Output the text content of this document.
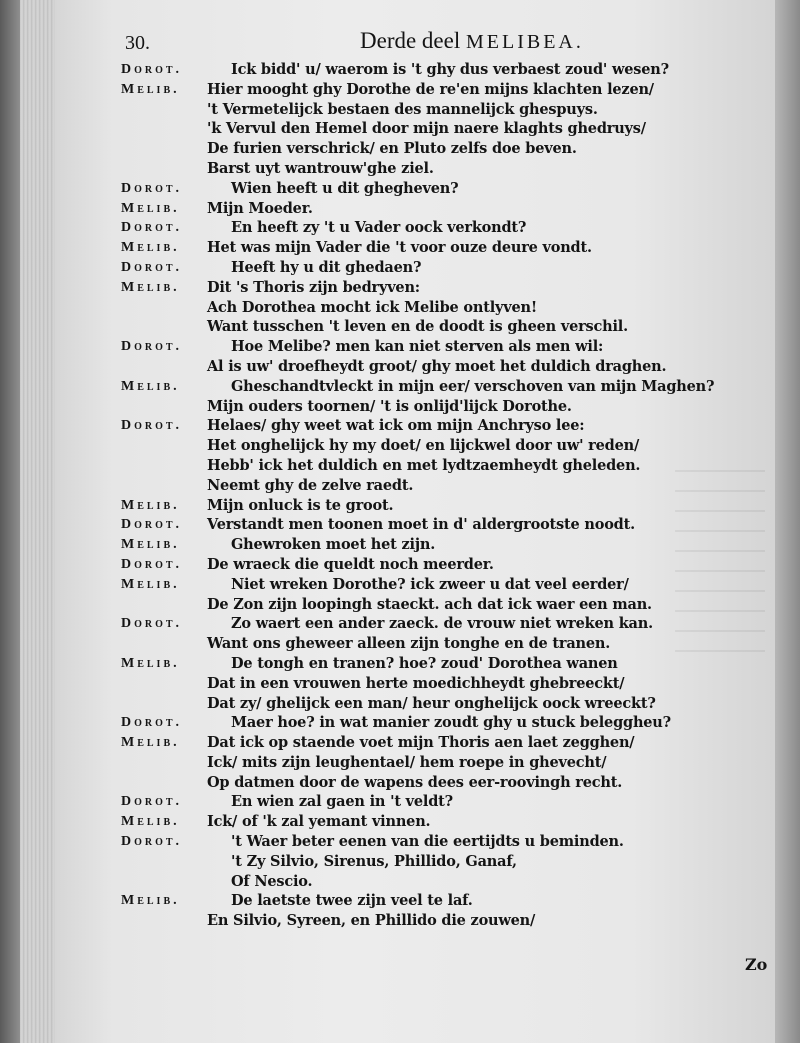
30.	Derde deel MELIBEA.
Dorot.	Ick bidd' u/ waerom is 't ghy dus verbaest zoud' wesen?
Melib. Hier mooght ghy Dorothe de re'en mijns klachten lezen/
't Vermetelijck bestaen des mannelijck ghespuys.
'k Vervul den Hemel door mijn naere klaghts ghedruys/
De furien verschrick/ en Pluto zelfs doe beven.
Barst uyt wantrouw'ghe ziel.
Dorot.	Wien heeft u dit ghegheven?
Melib. Mijn Moeder.
Dorot.	En heeft zy 't u Vader oock verkondt?
Melib. Het was mijn Vader die 't voor ouze deure vondt.
Dorot.	Heeft hy u dit ghedaen?
Melib. Dit 's Thoris zijn bedryven:
Ach Dorothea mocht ick Melibe ontlyven!
Want tusschen 't leven en de doodt is gheen verschil.
Dorot.	Hoe Melibe? men kan niet sterven als men wil:
Al is uw' droefheydt groot/ ghy moet het duldich draghen.
Melib.	Gheschandtvleckt in mijn eer/ verschoven van mijn Maghen?
Mijn ouders toornen/ 't is onlijd'lijck Dorothe.
Dorot. Helaes/ ghy weet wat ick om mijn Anchryso lee:
Het onghelijck hy my doet/ en lijckwel door uw' reden/
Hebb' ick het duldich en met lydtzaemheydt gheleden.
Neemt ghy de zelve raedt.
Melib. Mijn onluck is te groot.
Dorot. Verstandt men toonen moet in d' aldergrootste noodt.
Melib.	Ghewroken moet het zijn.
Dorot. De wraeck die queldt noch meerder.
Melib.	Niet wreken Dorothe? ick zweer u dat veel eerder/
De Zon zijn loopingh staeckt. ach dat ick waer een man.
Dorot.	Zo waert een ander zaeck. de vrouw niet wreken kan.
Want ons gheweer alleen zijn tonghe en de tranen.
Melib.	De tongh en tranen? hoe? zoud' Dorothea wanen
Dat in een vrouwen herte moedichheydt ghebreeckt/
Dat zy/ ghelijck een man/ heur onghelijck oock wreeckt?
Dorot.	Maer hoe? in wat manier zoudt ghy u stuck beleggheu?
Melib. Dat ick op staende voet mijn Thoris aen laet zegghen/
Ick/ mits zijn leughentael/ hem roepe in ghevecht/
Op datmen door de wapens dees eer-roovingh recht.
Dorot.	En wien zal gaen in 't veldt?
Melib. Ick/ of 'k zal yemant vinnen.
Dorot.	't Waer beter eenen van die eertijdts u beminden.
't Zy Silvio, Sirenus, Phillido, Ganaf,
Of Nescio.
Melib.	De laetste twee zijn veel te laf.
En Silvio, Syreen, en Phillido die zouwen/
Zo
